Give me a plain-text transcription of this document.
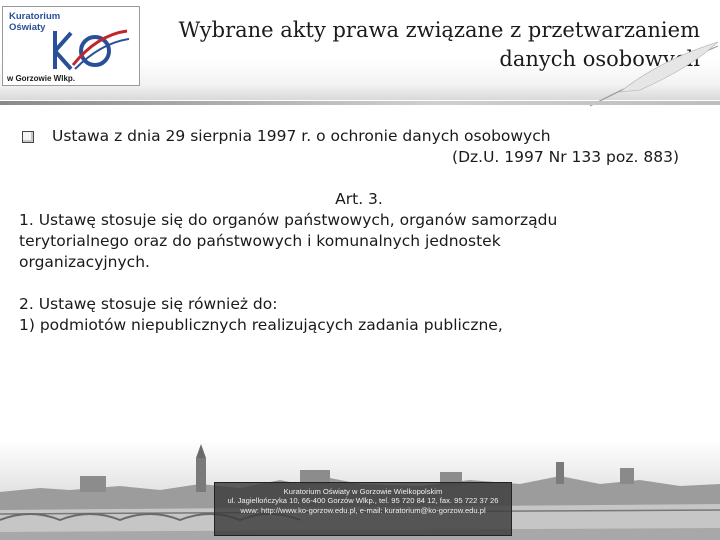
Kuratorium
Oświaty
w Gorzowie Wlkp.
Wybrane akty prawa związane z przetwarzaniem
danych osobowych
Ustawa z dnia 29 sierpnia 1997 r. o ochronie danych osobowych
(Dz.U. 1997 Nr 133 poz. 883)
Art. 3.
1. Ustawę stosuje się do organów państwowych, organów samorządu
terytorialnego oraz do państwowych i komunalnych jednostek
organizacyjnych.
2. Ustawę stosuje się również do:
1) podmiotów niepublicznych realizujących zadania publiczne,
Kuratorium Oświaty w Gorzowie Wielkopolskim
ul. Jagiellończyka 10, 66-400 Gorzów Wlkp., tel. 95 720 84 12, fax. 95 722 37 26
www: http://www.ko-gorzow.edu.pl, e-mail: kuratorium@ko-gorzow.edu.pl
